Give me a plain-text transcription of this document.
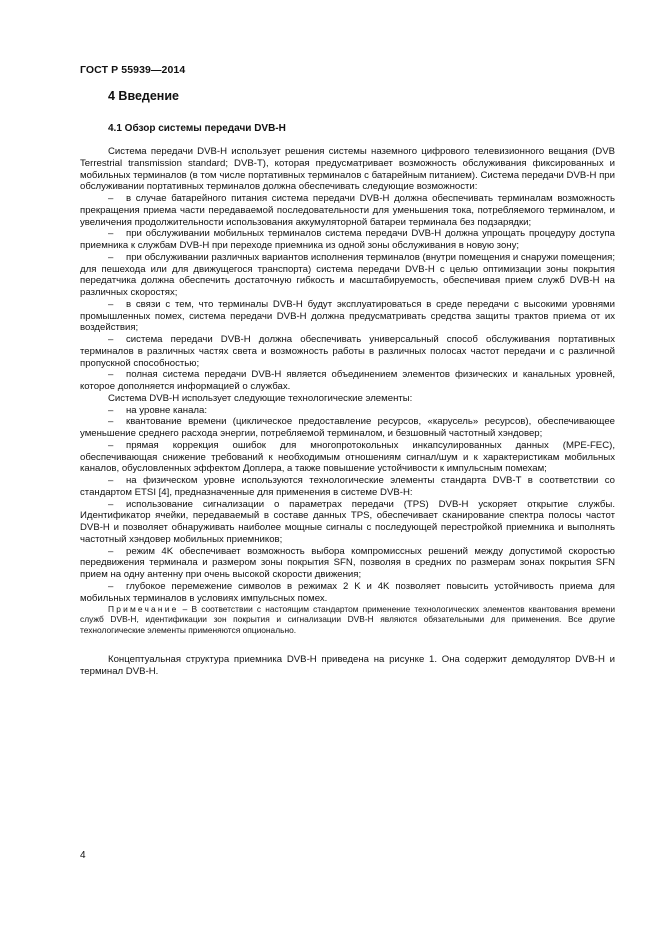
ГОСТ Р 55939—2014
4 Введение
4.1 Обзор системы передачи DVB-H

Система передачи DVB-H использует решения системы наземного цифрового телевизионного вещания (DVB Terrestrial transmission standard; DVB-T), которая предусматривает возможность обслуживания фиксированных и мобильных терминалов (в том числе портативных терминалов с батарейным питанием). Система передачи DVB-H при обслуживании портативных терминалов должна обеспечивать следующие возможности:

– в случае батарейного питания система передачи DVB-H должна обеспечивать терминалам возможность прекращения приема части передаваемой последовательности для уменьшения тока, потребляемого терминалом, и увеличения продолжительности использования аккумуляторной батареи терминала без подзарядки;

– при обслуживании мобильных терминалов система передачи DVB-H должна упрощать процедуру доступа приемника к службам DVB-H при переходе приемника из одной зоны обслуживания в новую зону;

– при обслуживании различных вариантов исполнения терминалов (внутри помещения и снаружи помещения; для пешехода или для движущегося транспорта) система передачи DVB-H с целью оптимизации зоны покрытия передатчика должна обеспечить достаточную гибкость и масштабируемость, обеспечивая прием служб DVB-H на различных скоростях;

– в связи с тем, что терминалы DVB-H будут эксплуатироваться в среде передачи с высокими уровнями промышленных помех, система передачи DVB-H должна предусматривать средства защиты трактов приема от их воздействия;

– система передачи DVB-H должна обеспечивать универсальный способ обслуживания портативных терминалов в различных частях света и возможность работы в различных полосах частот передачи и с различной пропускной способностью;

– полная система передачи DVB-H является объединением элементов физических и канальных уровней, которое дополняется информацией о службах.

Система DVB-H использует следующие технологические элементы:

– на уровне канала:

– квантование времени (циклическое предоставление ресурсов, «карусель» ресурсов), обеспечивающее уменьшение среднего расхода энергии, потребляемой терминалом, и безшовный частотный хэндовер;

– прямая коррекция ошибок для многопротокольных инкапсулированных данных (MPE-FEC), обеспечивающая снижение требований к необходимым отношениям сигнал/шум и к характеристикам мобильных каналов, обусловленных эффектом Доплера, а также повышение устойчивости к импульсным помехам;

– на физическом уровне используются технологические элементы стандарта DVB-T в соответствии со стандартом ETSI [4], предназначенные для применения в системе DVB-H:

– использование сигнализации о параметрах передачи (TPS) DVB-H ускоряет открытие службы. Идентификатор ячейки, передаваемый в составе данных TPS, обеспечивает сканирование спектра полосы частот DVB-H и позволяет обнаруживать наиболее мощные сигналы с последующей перестройкой приемника и выполнять частотный хэндовер мобильных приемников;

– режим 4K обеспечивает возможность выбора компромиссных решений между допустимой скоростью передвижения терминала и размером зоны покрытия SFN, позволяя в средних по размерам зонах покрытия SFN прием на одну антенну при очень высокой скорости движения;

– глубокое перемежение символов в режимах 2 K и 4K позволяет повысить устойчивость приема для мобильных терминалов в условиях импульсных помех.

Примечание – В соответствии с настоящим стандартом применение технологических элементов квантования времени служб DVB-H, идентификации зон покрытия и сигнализации DVB-H являются обязательными для применения. Все другие технологические элементы применяются опционально.

Концептуальная структура приемника DVB-H приведена на рисунке 1. Она содержит демодулятор DVB-H и терминал DVB-H.

4
